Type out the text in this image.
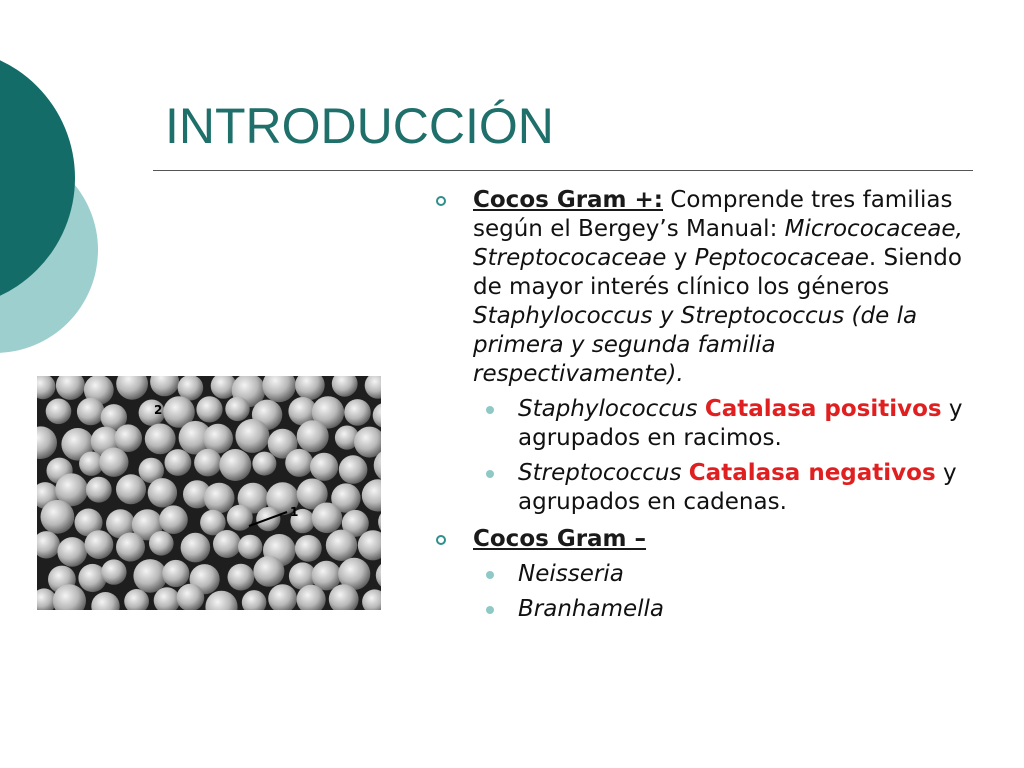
INTRODUCCIÓN
2
1
Cocos Gram +: Comprende tres familias según el Bergey’s Manual: Micrococaceae, Streptococaceae y Peptococaceae. Siendo de mayor interés clínico los géneros Staphylococcus y Streptococcus (de la primera y segunda familia respectivamente).
Staphylococcus Catalasa positivos y agrupados en racimos.
Streptococcus Catalasa negativos y agrupados en cadenas.
Cocos Gram –
Neisseria
Branhamella
